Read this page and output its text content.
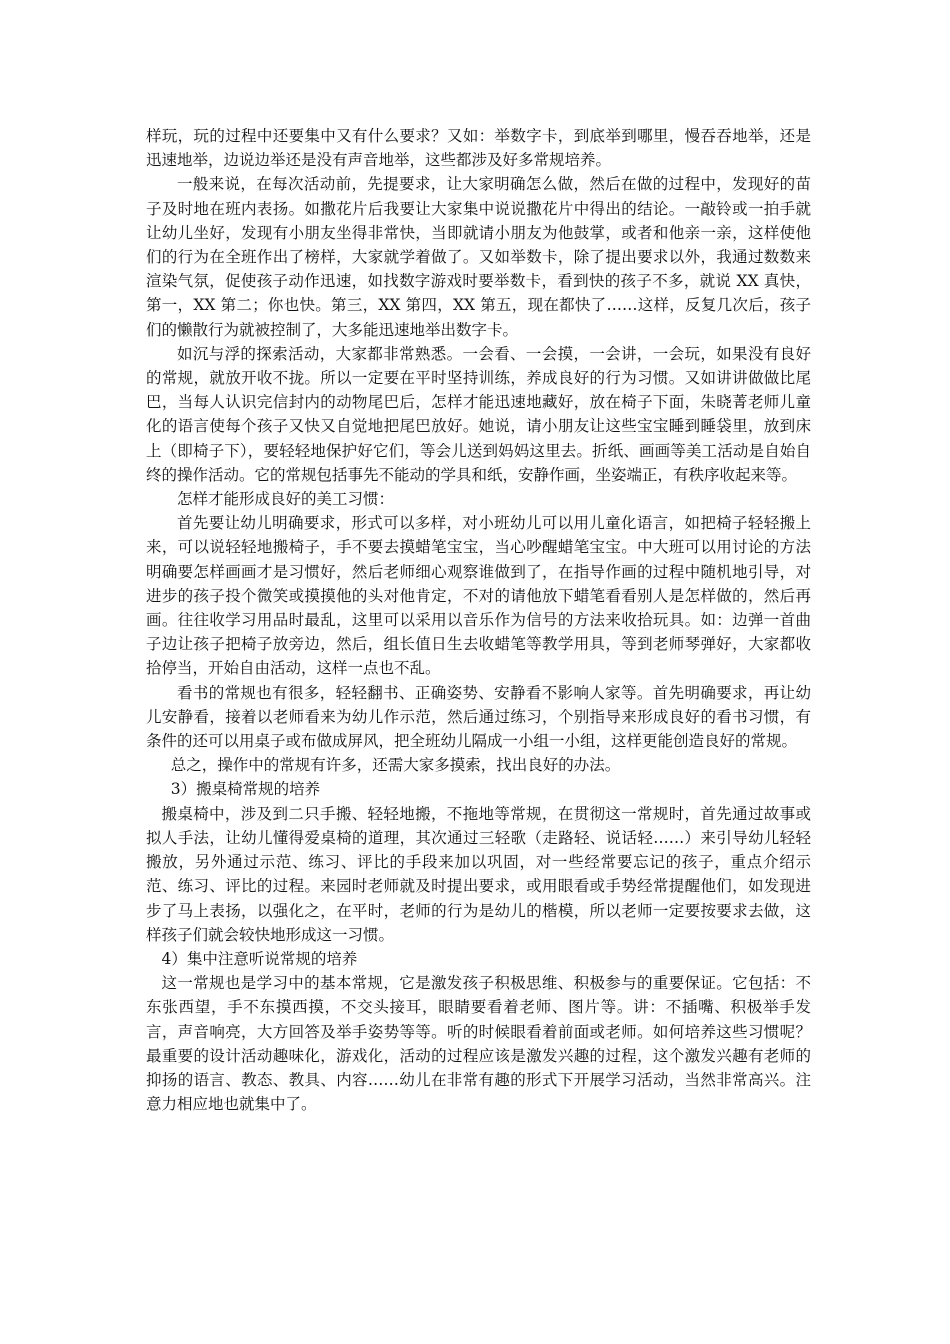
样玩，玩的过程中还要集中又有什么要求？又如：举数字卡，到底举到哪里，慢吞吞地举，还是迅速地举，边说边举还是没有声音地举，这些都涉及好多常规培养。

一般来说，在每次活动前，先提要求，让大家明确怎么做，然后在做的过程中，发现好的苗子及时地在班内表扬。如撒花片后我要让大家集中说说撒花片中得出的结论。一敲铃或一拍手就让幼儿坐好，发现有小朋友坐得非常快，当即就请小朋友为他鼓掌，或者和他亲一亲，这样使他们的行为在全班作出了榜样，大家就学着做了。又如举数卡，除了提出要求以外，我通过数数来渲染气氛，促使孩子动作迅速，如找数字游戏时要举数卡，看到快的孩子不多，就说 XX 真快，第一，XX 第二；你也快。第三，XX 第四，XX 第五，现在都快了……这样，反复几次后，孩子们的懒散行为就被控制了，大多能迅速地举出数字卡。

如沉与浮的探索活动，大家都非常熟悉。一会看、一会摸，一会讲，一会玩，如果没有良好的常规，就放开收不拢。所以一定要在平时坚持训练，养成良好的行为习惯。又如讲讲做做比尾巴，当每人认识完信封内的动物尾巴后，怎样才能迅速地藏好，放在椅子下面，朱晓菁老师儿童化的语言使每个孩子又快又自觉地把尾巴放好。她说，请小朋友让这些宝宝睡到睡袋里，放到床上（即椅子下），要轻轻地保护好它们，等会儿送到妈妈这里去。折纸、画画等美工活动是自始自终的操作活动。它的常规包括事先不能动的学具和纸，安静作画，坐姿端正，有秩序收起来等。

怎样才能形成良好的美工习惯：

首先要让幼儿明确要求，形式可以多样，对小班幼儿可以用儿童化语言，如把椅子轻轻搬上来，可以说轻轻地搬椅子，手不要去摸蜡笔宝宝，当心吵醒蜡笔宝宝。中大班可以用讨论的方法明确要怎样画画才是习惯好，然后老师细心观察谁做到了，在指导作画的过程中随机地引导，对进步的孩子投个微笑或摸摸他的头对他肯定，不对的请他放下蜡笔看看别人是怎样做的，然后再画。往往收学习用品时最乱，这里可以采用以音乐作为信号的方法来收拾玩具。如：边弹一首曲子边让孩子把椅子放旁边，然后，组长值日生去收蜡笔等教学用具，等到老师琴弹好，大家都收拾停当，开始自由活动，这样一点也不乱。

看书的常规也有很多，轻轻翻书、正确姿势、安静看不影响人家等。首先明确要求，再让幼儿安静看，接着以老师看来为幼儿作示范，然后通过练习，个别指导来形成良好的看书习惯，有条件的还可以用桌子或布做成屏风，把全班幼儿隔成一小组一小组，这样更能创造良好的常规。

总之，操作中的常规有许多，还需大家多摸索，找出良好的办法。

3）搬桌椅常规的培养

搬桌椅中，涉及到二只手搬、轻轻地搬，不拖地等常规，在贯彻这一常规时，首先通过故事或拟人手法，让幼儿懂得爱桌椅的道理，其次通过三轻歌（走路轻、说话轻……）来引导幼儿轻轻搬放，另外通过示范、练习、评比的手段来加以巩固，对一些经常要忘记的孩子，重点介绍示范、练习、评比的过程。来园时老师就及时提出要求，或用眼看或手势经常提醒他们，如发现进步了马上表扬，以强化之，在平时，老师的行为是幼儿的楷模，所以老师一定要按要求去做，这样孩子们就会较快地形成这一习惯。

4）集中注意听说常规的培养

这一常规也是学习中的基本常规，它是激发孩子积极思维、积极参与的重要保证。它包括：不东张西望，手不东摸西摸，不交头接耳，眼睛要看着老师、图片等。讲：不插嘴、积极举手发言，声音响亮，大方回答及举手姿势等等。听的时候眼看着前面或老师。如何培养这些习惯呢？最重要的设计活动趣味化，游戏化，活动的过程应该是激发兴趣的过程，这个激发兴趣有老师的抑扬的语言、教态、教具、内容……幼儿在非常有趣的形式下开展学习活动，当然非常高兴。注意力相应地也就集中了。
